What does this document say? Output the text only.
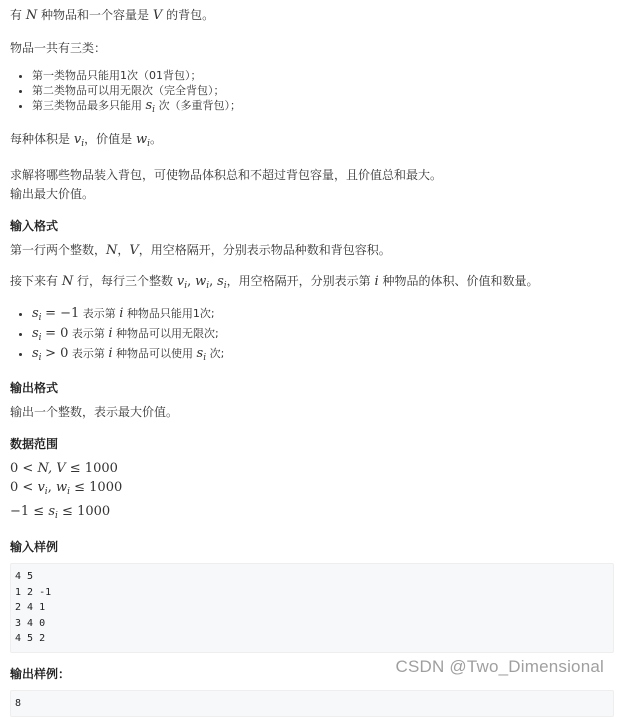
有 N 种物品和一个容量是 V 的背包。

物品一共有三类：

• 第一类物品只能用1次（01背包）；
• 第二类物品可以用无限次（完全背包）；
• 第三类物品最多只能用 $s_i$ 次（多重背包）；

每种体积是 $v_i$，价值是 $w_i$。

求解将哪些物品装入背包，可使物品体积总和不超过背包容量，且价值总和最大。

输出最大价值。

输入格式

第一行两个整数，N，V，用空格隔开，分别表示物品种数和背包容积。

接下来有 N 行，每行三个整数 $v_i$, $w_i$, $s_i$，用空格隔开，分别表示第 i 种物品的体积、价值和数量。

• $s_i = -1$ 表示第 i 种物品只能用1次;
• $s_i = 0$ 表示第 i 种物品可以用无限次;
• $s_i > 0$ 表示第 i 种物品可以使用 $s_i$ 次;
输出格式

输出一个整数，表示最大价值。

数据范围
0 < N, V ≤ 1000
$0 < v_i$, $w_i \le 1000$
$-1 \le s_i \le 1000$
输入样例
4 5
1 2 -1
2 4 1
3 4 0
4 5 2
输出样例：
8
CSDN @Two_Dimensional
